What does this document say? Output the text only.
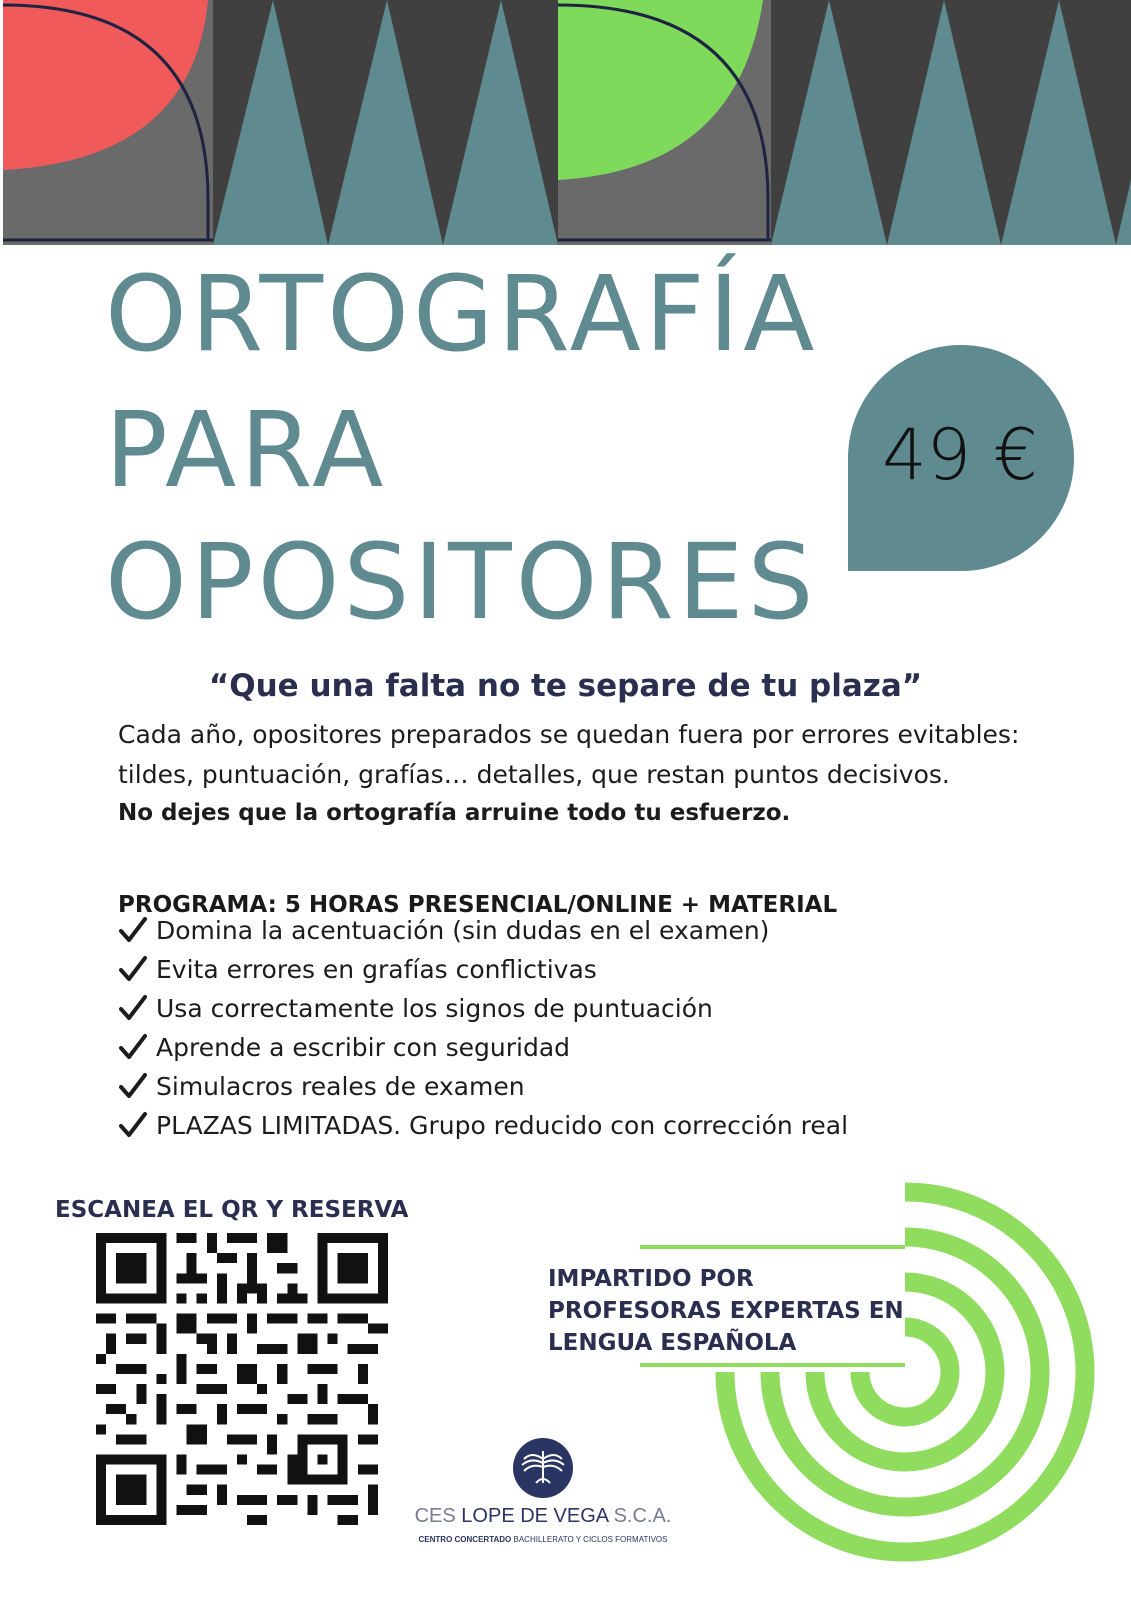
ORTOGRAFÍA
PARA
OPOSITORES
49 €
“Que una falta no te separe de tu plaza”
Cada año, opositores preparados se quedan fuera por errores evitables:
tildes, puntuación, grafías… detalles, que restan puntos decisivos.
No dejes que la ortografía arruine todo tu esfuerzo.
PROGRAMA: 5 HORAS PRESENCIAL/ONLINE + MATERIAL
Domina la acentuación (sin dudas en el examen)
Evita errores en grafías conflictivas
Usa correctamente los signos de puntuación
Aprende a escribir con seguridad
Simulacros reales de examen
PLAZAS LIMITADAS. Grupo reducido con corrección real
ESCANEA EL QR Y RESERVA
IMPARTIDO POR
PROFESORAS EXPERTAS EN
LENGUA ESPAÑOLA
CES LOPE DE VEGA S.C.A.
CENTRO CONCERTADO BACHILLERATO Y CICLOS FORMATIVOS
